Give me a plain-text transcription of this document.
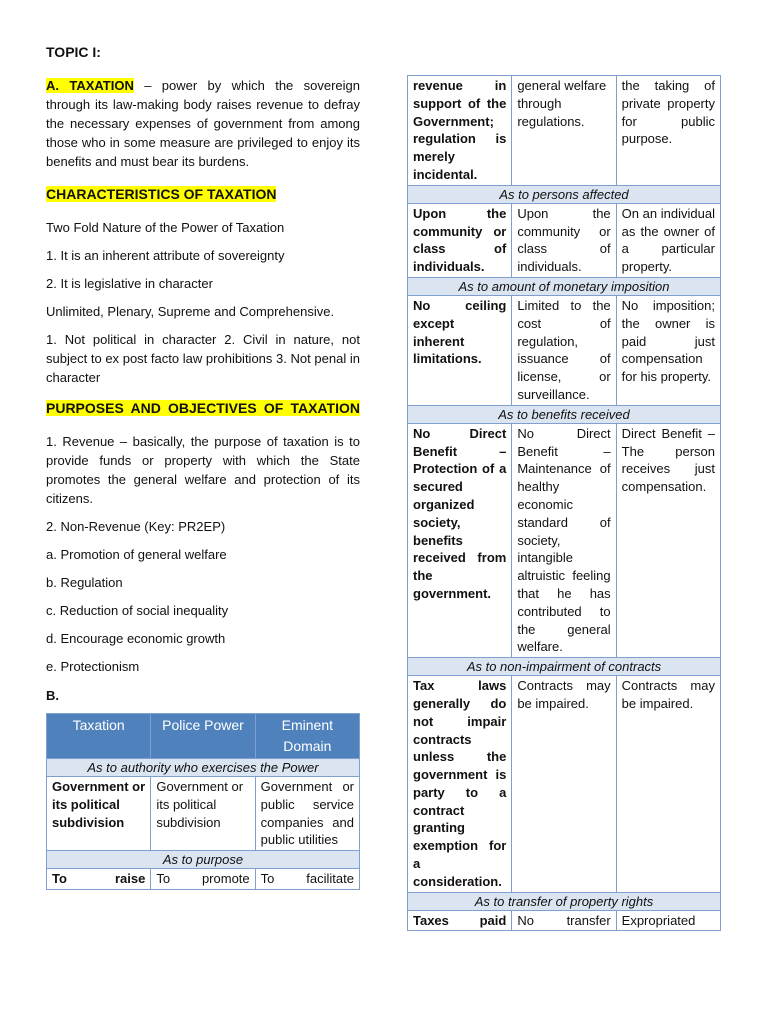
TOPIC I:

A. TAXATION – power by which the sovereign through its law-making body raises revenue to defray the necessary expenses of government from among those who in some measure are privileged to enjoy its benefits and must bear its burdens.

CHARACTERISTICS OF TAXATION

Two Fold Nature of the Power of Taxation

1. It is an inherent attribute of sovereignty

2. It is legislative in character

Unlimited, Plenary, Supreme and Comprehensive.

1. Not political in character 2. Civil in nature, not subject to ex post facto law prohibitions 3. Not penal in character

PURPOSES AND OBJECTIVES OF TAXATION

1. Revenue – basically, the purpose of taxation is to provide funds or property with which the State promotes the general welfare and protection of its citizens.

2. Non-Revenue (Key: PR2EP)

a. Promotion of general welfare

b. Regulation

c. Reduction of social inequality

d. Encourage economic growth

e. Protectionism

B.

Taxation	Police Power	Eminent Domain
As to authority who exercises the Power		
Government or its political subdivision	Government or its political subdivision	Government or public service companies and public utilities
As to purpose		
To raise	To promote	To facilitate
revenue in support of the Government; regulation is merely incidental.	general welfare through regulations.	the taking of private property for public purpose.
As to persons affected		
Upon the community or class of individuals.	Upon the community or class of individuals.	On an individual as the owner of a particular property.
As to amount of monetary imposition		
No ceiling except inherent limitations.	Limited to the cost of regulation, issuance of license, or surveillance.	No imposition; the owner is paid just compensation for his property.
As to benefits received		
No Direct Benefit – Protection of a secured organized society, benefits received from the government.	No Direct Benefit – Maintenance of healthy economic standard of society, intangible altruistic feeling that he has contributed to the general welfare.	Direct Benefit – The person receives just compensation.
As to non-impairment of contracts		
Tax laws generally do not impair contracts unless the government is party to a contract granting exemption for a consideration.	Contracts may be impaired.	Contracts may be impaired.
As to transfer of property rights		
Taxes paid	No transfer	Expropriated
